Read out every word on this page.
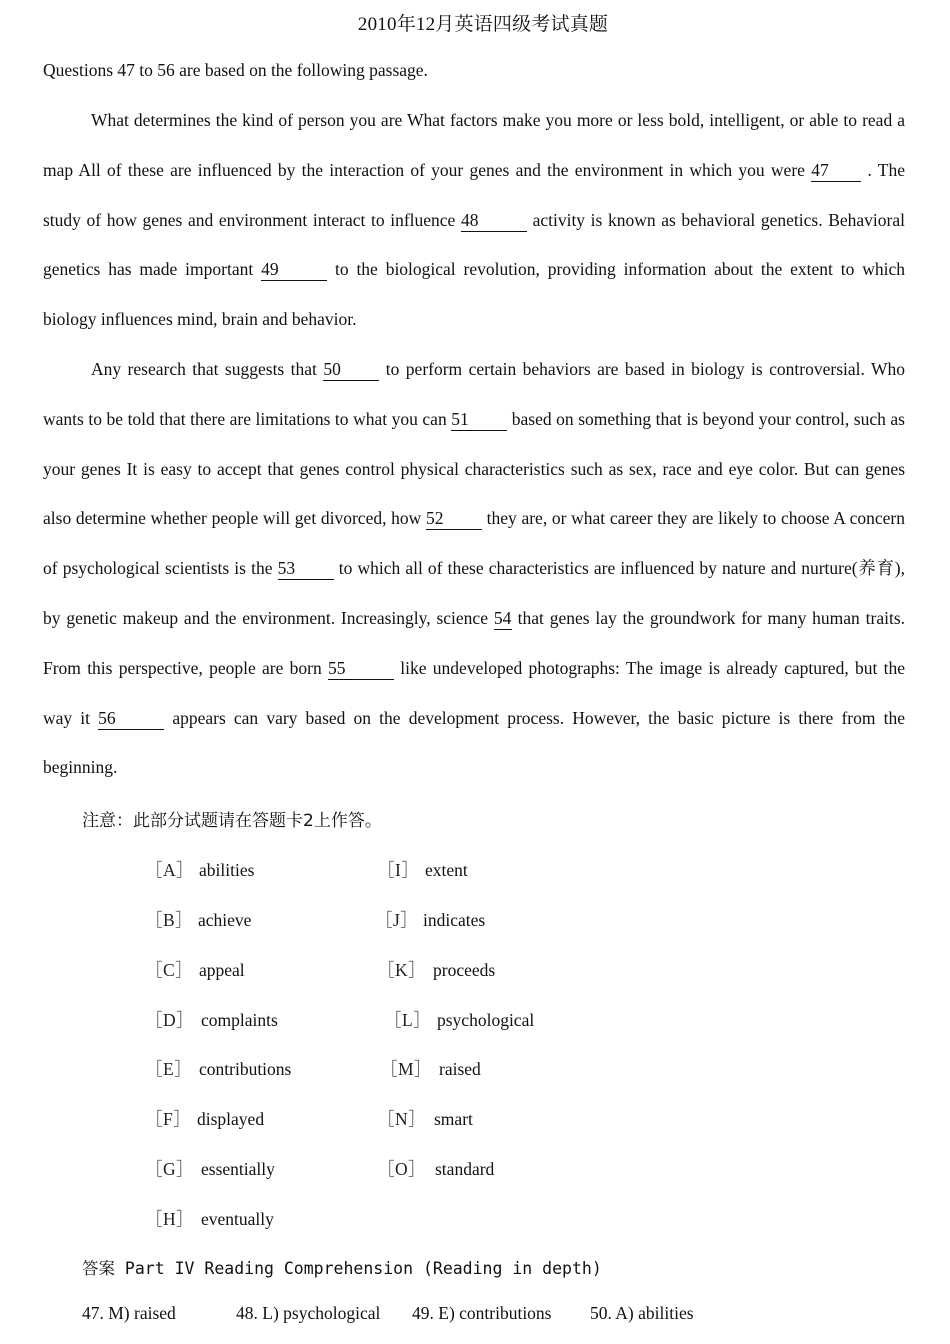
2010年12月英语四级考试真题
Questions 47 to 56 are based on the following passage.

What determines the kind of person you are What factors make you more or less bold, intelligent, or able to read a map All of these are influenced by the interaction of your genes and the environment in which you were 47 . The study of how genes and environment interact to influence 48	activity is known as behavioral genetics. Behavioral genetics has made important 49	to the biological revolution, providing information about the extent to which biology influences mind, brain and behavior.

Any research that suggests that 50 to perform certain behaviors are based in biology is controversial. Who wants to be told that there are limitations to what you can 51 based on something that is beyond your control, such as your genes It is easy to accept that genes control physical characteristics such as sex, race and eye color. But can genes also determine whether people will get divorced, how 52 they are, or what career they are likely to choose A concern of psychological scientists is the 53 to which all of these characteristics are influenced by nature and nurture(养育), by genetic makeup and the environment. Increasingly, science 54 that genes lay the groundwork for many human traits. From this perspective, people are born 55	like undeveloped photographs: The image is already captured, but the way it 56	appears can vary based on the development process. However, the basic picture is there from the beginning.

注意：此部分试题请在答题卡2上作答。
［A］ abilities
［B］ achieve
［C］ appeal
［D］ complaints
［E］ contributions
［F］ displayed
［G］ essentially
［H］ eventually
［I］ extent
［J］ indicates
［K］ proceeds
［L］ psychological
［M］ raised
［N］ smart
［O］ standard
答案 Part IV Reading Comprehension (Reading in depth)
47. M) raised	48. L) psychological 49. E) contributions 50. A) abilities
